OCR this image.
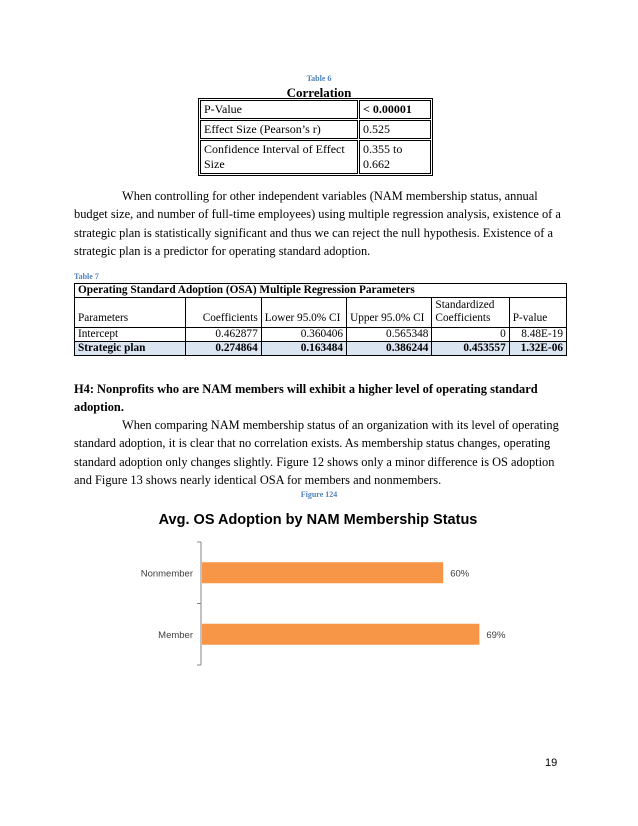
Table 6
Correlation
P-Value	< 0.00001
Effect Size (Pearson’s r)	0.525
Confidence Interval of Effect Size	0.355 to 0.662
When controlling for other independent variables (NAM membership status, annual budget size, and number of full-time employees) using multiple regression analysis, existence of a strategic plan is statistically significant and thus we can reject the null hypothesis. Existence of a strategic plan is a predictor for operating standard adoption.
Table 7
Operating Standard Adoption (OSA) Multiple Regression Parameters					
Parameters	Coefficients	Lower 95.0% CI	Upper 95.0% CI	Standardized Coefficients	P-value
Intercept	0.462877	0.360406	0.565348	0	8.48E-19
Strategic plan	0.274864	0.163484	0.386244	0.453557	1.32E-06
H4: Nonprofits who are NAM members will exhibit a higher level of operating standard adoption.
When comparing NAM membership status of an organization with its level of operating standard adoption, it is clear that no correlation exists. As membership status changes, operating standard adoption only changes slightly. Figure 12 shows only a minor difference is OS adoption and Figure 13 shows nearly identical OSA for members and nonmembers.
Figure 124
Avg. OS Adoption by NAM Membership Status
Nonmember	60%
Member	69%
19
